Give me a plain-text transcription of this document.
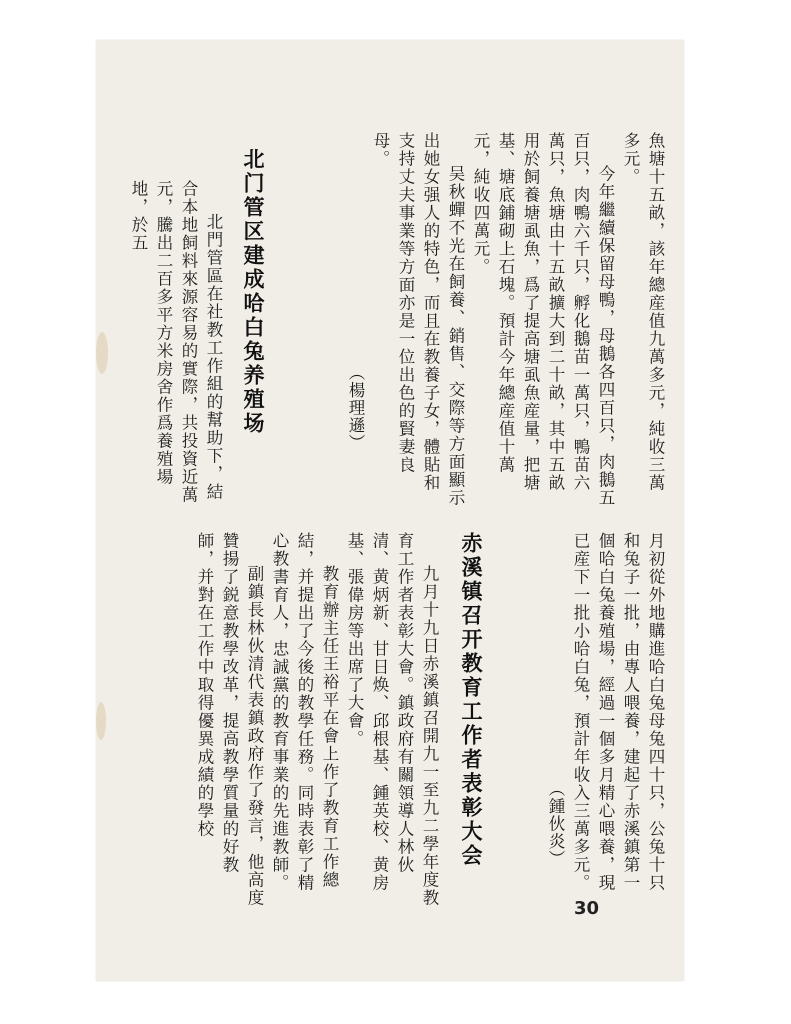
魚塘十五畝，該年總産值九萬多元，純收三萬多元。
今年繼續保留母鴨，母鵝各四百只，肉鵝五百只，肉鴨六千只，孵化鵝苗一萬只，鴨苗六萬只，魚塘由十五畝擴大到二十畝，其中五畝用於飼養塘虱魚，爲了提高塘虱魚産量，把塘基、塘底鋪砌上石塊。預計今年總産值十萬元，純收四萬元。
吴秋蟬不光在飼養、銷售、交際等方面顯示出她女强人的特色，而且在教養子女，體貼和支持丈夫事業等方面亦是一位出色的賢妻良母。
（楊理遜）
北门管区建成哈白兔养殖场
北門管區在社教工作組的幫助下，結合本地飼料來源容易的實際，共投資近萬元，騰出二百多平方米房舍作爲養殖場地，於五
月初從外地購進哈白兔母兔四十只，公兔十只和兔子一批，由專人喂養，建起了赤溪鎮第一個哈白兔養殖場，經過一個多月精心喂養，現已産下一批小哈白兔，預計年收入三萬多元。
（鍾伙炎）
赤溪镇召开教育工作者表彰大会
九月十九日赤溪鎮召開九一至九二學年度教育工作者表彰大會。鎮政府有關領導人林伙清、黄炳新、甘日焕、邱根基、鍾英校、黄房基、張偉房等出席了大會。
教育辦主任王裕平在會上作了教育工作總結，并提出了今後的教學任務。同時表彰了精心教書育人，忠誠黨的教育事業的先進教師。
副鎮長林伙清代表鎮政府作了發言，他高度贊揚了鋭意教學改革，提高教學質量的好教師，并對在工作中取得優異成績的學校
30
